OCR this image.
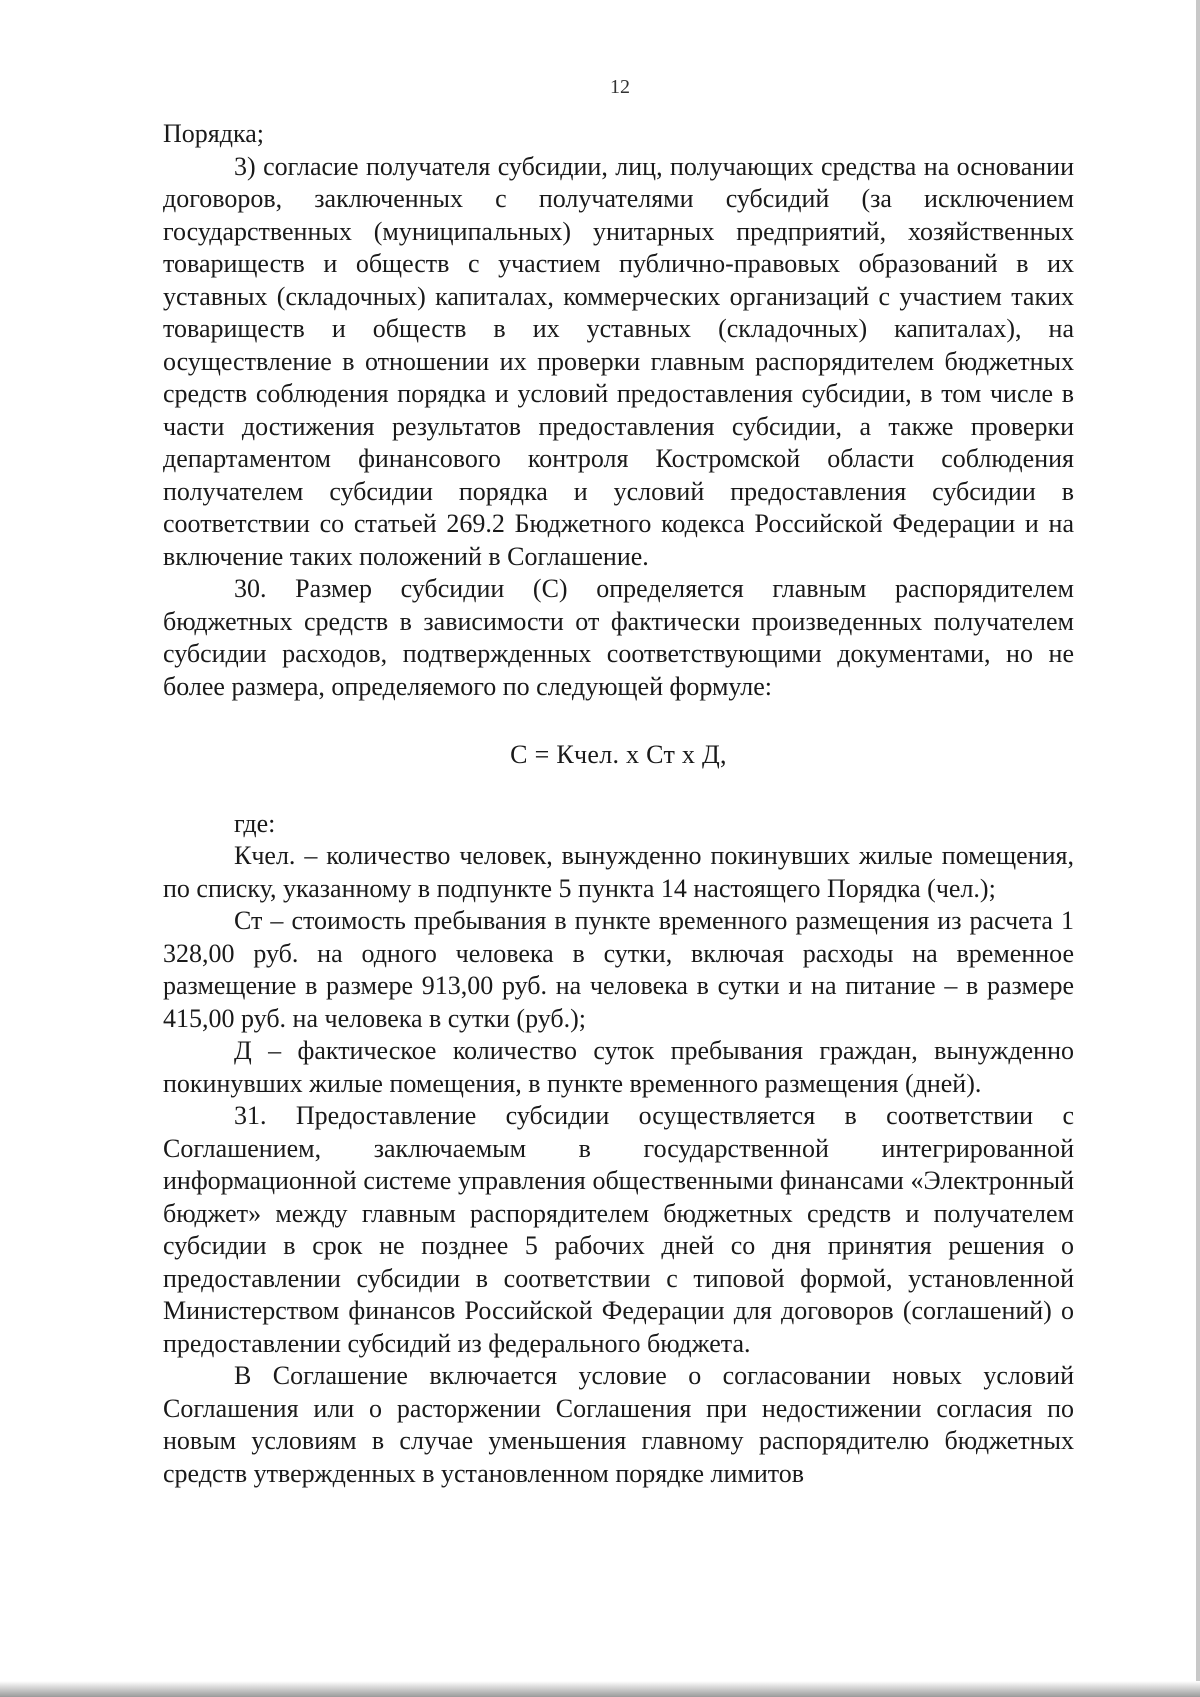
12

Порядка;

3) согласие получателя субсидии, лиц, получающих средства на основании договоров, заключенных с получателями субсидий (за исключением государственных (муниципальных) унитарных предприятий, хозяйственных товариществ и обществ с участием публично-правовых образований в их уставных (складочных) капиталах, коммерческих организаций с участием таких товариществ и обществ в их уставных (складочных) капиталах), на осуществление в отношении их проверки главным распорядителем бюджетных средств соблюдения порядка и условий предоставления субсидии, в том числе в части достижения результатов предоставления субсидии, а также проверки департаментом финансового контроля Костромской области соблюдения получателем субсидии порядка и условий предоставления субсидии в соответствии со статьей 269.2 Бюджетного кодекса Российской Федерации и на включение таких положений в Соглашение.

30. Размер субсидии (С) определяется главным распорядителем бюджетных средств в зависимости от фактически произведенных получателем субсидии расходов, подтвержденных соответствующими документами, но не более размера, определяемого по следующей формуле:

С = Кчел. х Ст х Д,

где:

Кчел. – количество человек, вынужденно покинувших жилые помещения, по списку, указанному в подпункте 5 пункта 14 настоящего Порядка (чел.);

Ст – стоимость пребывания в пункте временного размещения из расчета 1 328,00 руб. на одного человека в сутки, включая расходы на временное размещение в размере 913,00 руб. на человека в сутки и на питание – в размере 415,00 руб. на человека в сутки (руб.);

Д – фактическое количество суток пребывания граждан, вынужденно покинувших жилые помещения, в пункте временного размещения (дней).

31. Предоставление субсидии осуществляется в соответствии с Соглашением, заключаемым в государственной интегрированной информационной системе управления общественными финансами «Электронный бюджет» между главным распорядителем бюджетных средств и получателем субсидии в срок не позднее 5 рабочих дней со дня принятия решения о предоставлении субсидии в соответствии с типовой формой, установленной Министерством финансов Российской Федерации для договоров (соглашений) о предоставлении субсидий из федерального бюджета.

В Соглашение включается условие о согласовании новых условий Соглашения или о расторжении Соглашения при недостижении согласия по новым условиям в случае уменьшения главному распорядителю бюджетных средств утвержденных в установленном порядке лимитов
